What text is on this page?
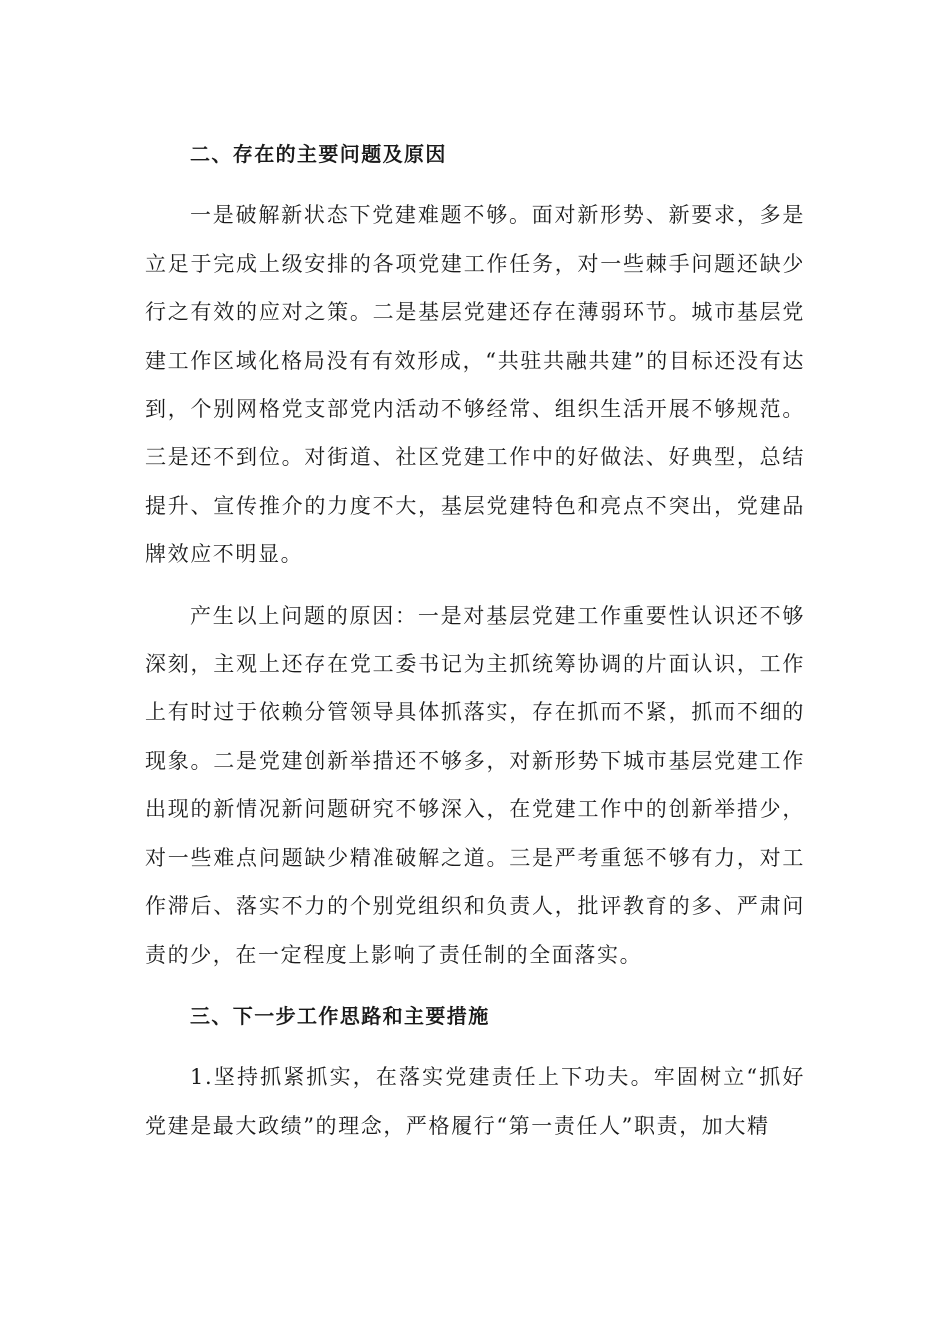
二、存在的主要问题及原因

一是破解新状态下党建难题不够。面对新形势、新要求，多是立足于完成上级安排的各项党建工作任务，对一些棘手问题还缺少行之有效的应对之策。二是基层党建还存在薄弱环节。城市基层党建工作区域化格局没有有效形成，“共驻共融共建”的目标还没有达到，个别网格党支部党内活动不够经常、组织生活开展不够规范。三是还不到位。对街道、社区党建工作中的好做法、好典型，总结提升、宣传推介的力度不大，基层党建特色和亮点不突出，党建品牌效应不明显。

产生以上问题的原因：一是对基层党建工作重要性认识还不够深刻，主观上还存在党工委书记为主抓统筹协调的片面认识，工作上有时过于依赖分管领导具体抓落实，存在抓而不紧，抓而不细的现象。二是党建创新举措还不够多，对新形势下城市基层党建工作出现的新情况新问题研究不够深入，在党建工作中的创新举措少，对一些难点问题缺少精准破解之道。三是严考重惩不够有力，对工作滞后、落实不力的个别党组织和负责人，批评教育的多、严肃问责的少，在一定程度上影响了责任制的全面落实。

三、下一步工作思路和主要措施

1.坚持抓紧抓实，在落实党建责任上下功夫。牢固树立“抓好党建是最大政绩”的理念，严格履行“第一责任人”职责，加大精
